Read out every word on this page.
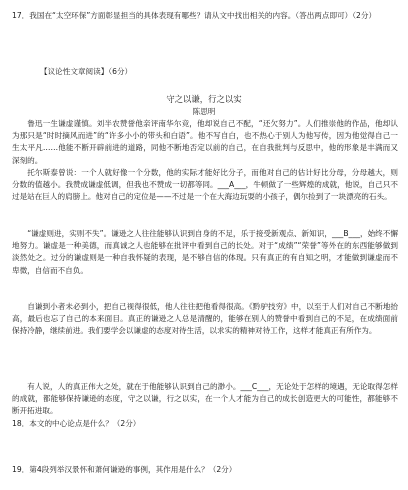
17．我国在“太空环保”方面彰显担当的具体表现有哪些？请从文中找出相关的内容。（答出两点即可）（2分）
【议论性文章阅读】（6分）
守之以谦，行之以实
陈思明
鲁迅一生谦虚谨慎。刘半农赞誉他亲评南华尔竞，他却说自己不配，“还欠努力”。人们推崇他的作品，他却认为那只是“时时摘风而进”的“许多小小的带头和白语”。他不写自白，也不热心于别人为他写传，因为他觉得自己一生太平凡……他能不断开辟前进的道路，同他不断地否定以前的自己，在自我批判与反思中，他的形象是丰满而又深刻的。
托尔斯泰曾说：一个人就好像一个分数，他的实际才能好比分子，而他对自己的估计好比分母，分母越大，则分数的值越小。我赞成谦虚低调，但我也不赞成一切都等同。___A___，牛顿做了一些辉煌的成就，他说，自己只不过是站在巨人的肩膀上。他对自己的定位是——不过是一个在大海边玩耍的小孩子，偶尔捡到了一块漂亮的石头。
“谦虚则进，实则不失”。谦逊之人往往能够认识到自身的不足，乐于接受新观点、新知识，___B___，始终不懈地努力。谦虚是一种美德，而真诚之人也能够在批评中看到自己的长处。对于“成绩”“荣誉”等外在的东西能够做到淡然处之。过分的谦虚则是一种自我怀疑的表现，是不够自信的体现。只有真正的有自知之明，才能做到谦虚而不卑微，自信而不自负。
自谦到小者未必到小，把自己视得很低，他人往往把他看得很高。《黔驴技穷》中，以至于人们对自己不断地抬高，最后也忘了自己的本来面目。真正的谦逊之人总是清醒的，能够在别人的赞誉中看到自己的不足，在成绩面前保持冷静，继续前进。我们要学会以谦虚的态度对待生活，以求实的精神对待工作，这样才能真正有所作为。
有人说，人的真正伟大之处，就在于他能够认识到自己的渺小。___C___，无论处于怎样的境遇，无论取得怎样的成就，都能够保持谦逊的态度，守之以谦，行之以实，在一个人才能为自己的成长创造更大的可能性，都能够不断开拓进取。
18．本文的中心论点是什么？（2分）
19．第4段列举汉景怀和萧何谦逊的事例，其作用是什么？（2分）
